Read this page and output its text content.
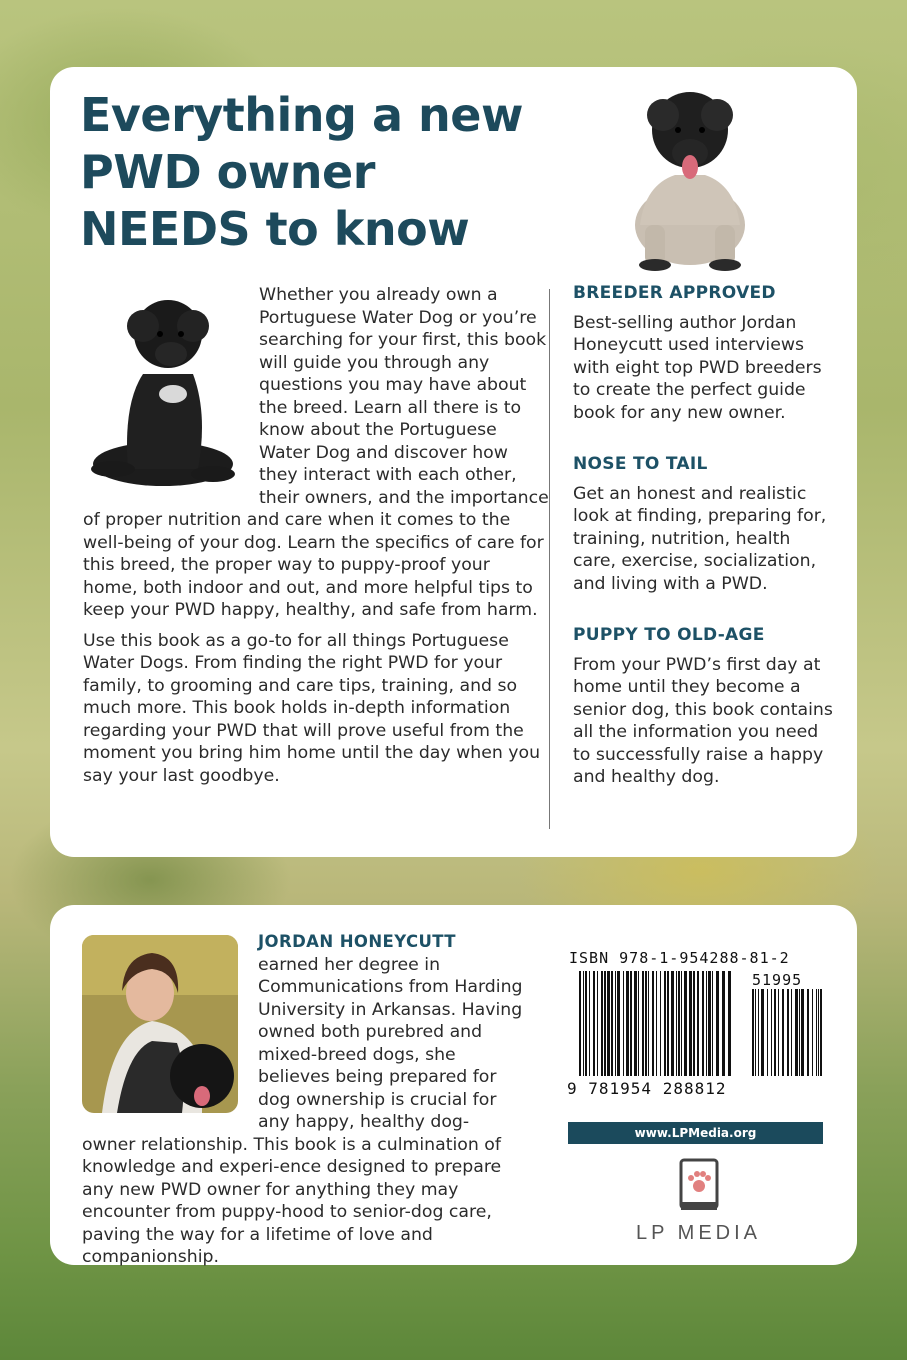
Everything a new
PWD owner
NEEDS to know

Whether you already own a Portuguese Water Dog or you’re searching for your first, this book will guide you through any questions you may have about the breed. Learn all there is to know about the Portuguese Water Dog and discover how they interact with each other, their owners, and the importance of proper nutrition and care when it comes to the well-being of your dog. Learn the specifics of care for this breed, the proper way to puppy-proof your home, both indoor and out, and more helpful tips to keep your PWD happy, healthy, and safe from harm.

Use this book as a go-to for all things Portuguese Water Dogs. From finding the right PWD for your family, to grooming and care tips, training, and so much more. This book holds in-depth information regarding your PWD that will prove useful from the moment you bring him home until the day when you say your last goodbye.

BREEDER APPROVED

Best-selling author Jordan Honeycutt used interviews with eight top PWD breeders to create the perfect guide book for any new owner.

NOSE TO TAIL

Get an honest and realistic look at finding, preparing for, training, nutrition, health care, exercise, socialization, and living with a PWD.

PUPPY TO OLD-AGE

From your PWD’s first day at home until they become a senior dog, this book contains all the information you need to successfully raise a happy and healthy dog.

JORDAN HONEYCUTT
earned her degree in Communications from Harding University in Arkansas. Having owned both purebred and mixed-breed dogs, she believes being prepared for dog ownership is crucial for any happy, healthy dog- owner relationship. This book is a culmination of knowledge and experi-ence designed to prepare any new PWD owner for anything they may encounter from puppy-hood to senior-dog care, paving the way for a lifetime of love and companionship.
ISBN 978-1-954288-81-2
51995
9 781954 288812
www.LPMedia.org
LP MEDIA
